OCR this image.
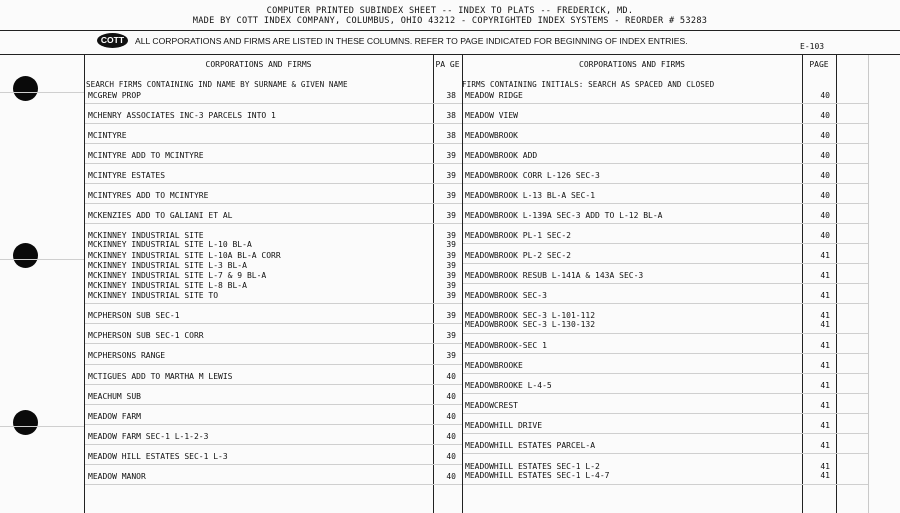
COMPUTER PRINTED SUBINDEX SHEET -- INDEX TO PLATS -- FREDERICK, MD.
MADE BY COTT INDEX COMPANY, COLUMBUS, OHIO 43212 - COPYRIGHTED INDEX SYSTEMS - REORDER # 53283
COTT	ALL CORPORATIONS AND FIRMS ARE LISTED IN THESE COLUMNS. REFER TO PAGE INDICATED FOR BEGINNING OF INDEX ENTRIES.
E-103
CORPORATIONS AND FIRMS	PA GE	CORPORATIONS AND FIRMS	PAGE
SEARCH FIRMS CONTAINING IND NAME BY SURNAME & GIVEN NAME	FIRMS CONTAINING INITIALS: SEARCH AS SPACED AND CLOSED
MCGREW PROP	38
MCHENRY ASSOCIATES INC-3 PARCELS INTO 1	38
MCINTYRE	38
MCINTYRE ADD TO MCINTYRE	39
MCINTYRE ESTATES	39
MCINTYRES ADD TO MCINTYRE	39
MCKENZIES ADD TO GALIANI ET AL	39
MCKINNEY INDUSTRIAL SITE	39
MCKINNEY INDUSTRIAL SITE L-10 BL-A	39
MCKINNEY INDUSTRIAL SITE L-10A BL-A CORR	39
MCKINNEY INDUSTRIAL SITE L-3 BL-A	39
MCKINNEY INDUSTRIAL SITE L-7 & 9 BL-A	39
MCKINNEY INDUSTRIAL SITE L-8 BL-A	39
MCKINNEY INDUSTRIAL SITE TO	39
MCPHERSON SUB SEC-1	39
MCPHERSON SUB SEC-1 CORR	39
MCPHERSONS RANGE	39
MCTIGUES ADD TO MARTHA M LEWIS	40
MEACHUM SUB	40
MEADOW FARM	40
MEADOW FARM SEC-1 L-1-2-3	40
MEADOW HILL ESTATES SEC-1 L-3	40
MEADOW MANOR	40
MEADOW RIDGE	40
MEADOW VIEW	40
MEADOWBROOK	40
MEADOWBROOK ADD	40
MEADOWBROOK CORR L-126 SEC-3	40
MEADOWBROOK L-13 BL-A SEC-1	40
MEADOWBROOK L-139A SEC-3 ADD TO L-12 BL-A	40
MEADOWBROOK PL-1 SEC-2	40
MEADOWBROOK PL-2 SEC-2	41
MEADOWBROOK RESUB L-141A & 143A SEC-3	41
MEADOWBROOK SEC-3	41
MEADOWBROOK SEC-3 L-101-112	41
MEADOWBROOK SEC-3 L-130-132	41
MEADOWBROOK-SEC 1	41
MEADOWBROOKE	41
MEADOWBROOKE L-4-5	41
MEADOWCREST	41
MEADOWHILL DRIVE	41
MEADOWHILL ESTATES PARCEL-A	41
MEADOWHILL ESTATES SEC-1 L-2	41
MEADOWHILL ESTATES SEC-1 L-4-7	41
